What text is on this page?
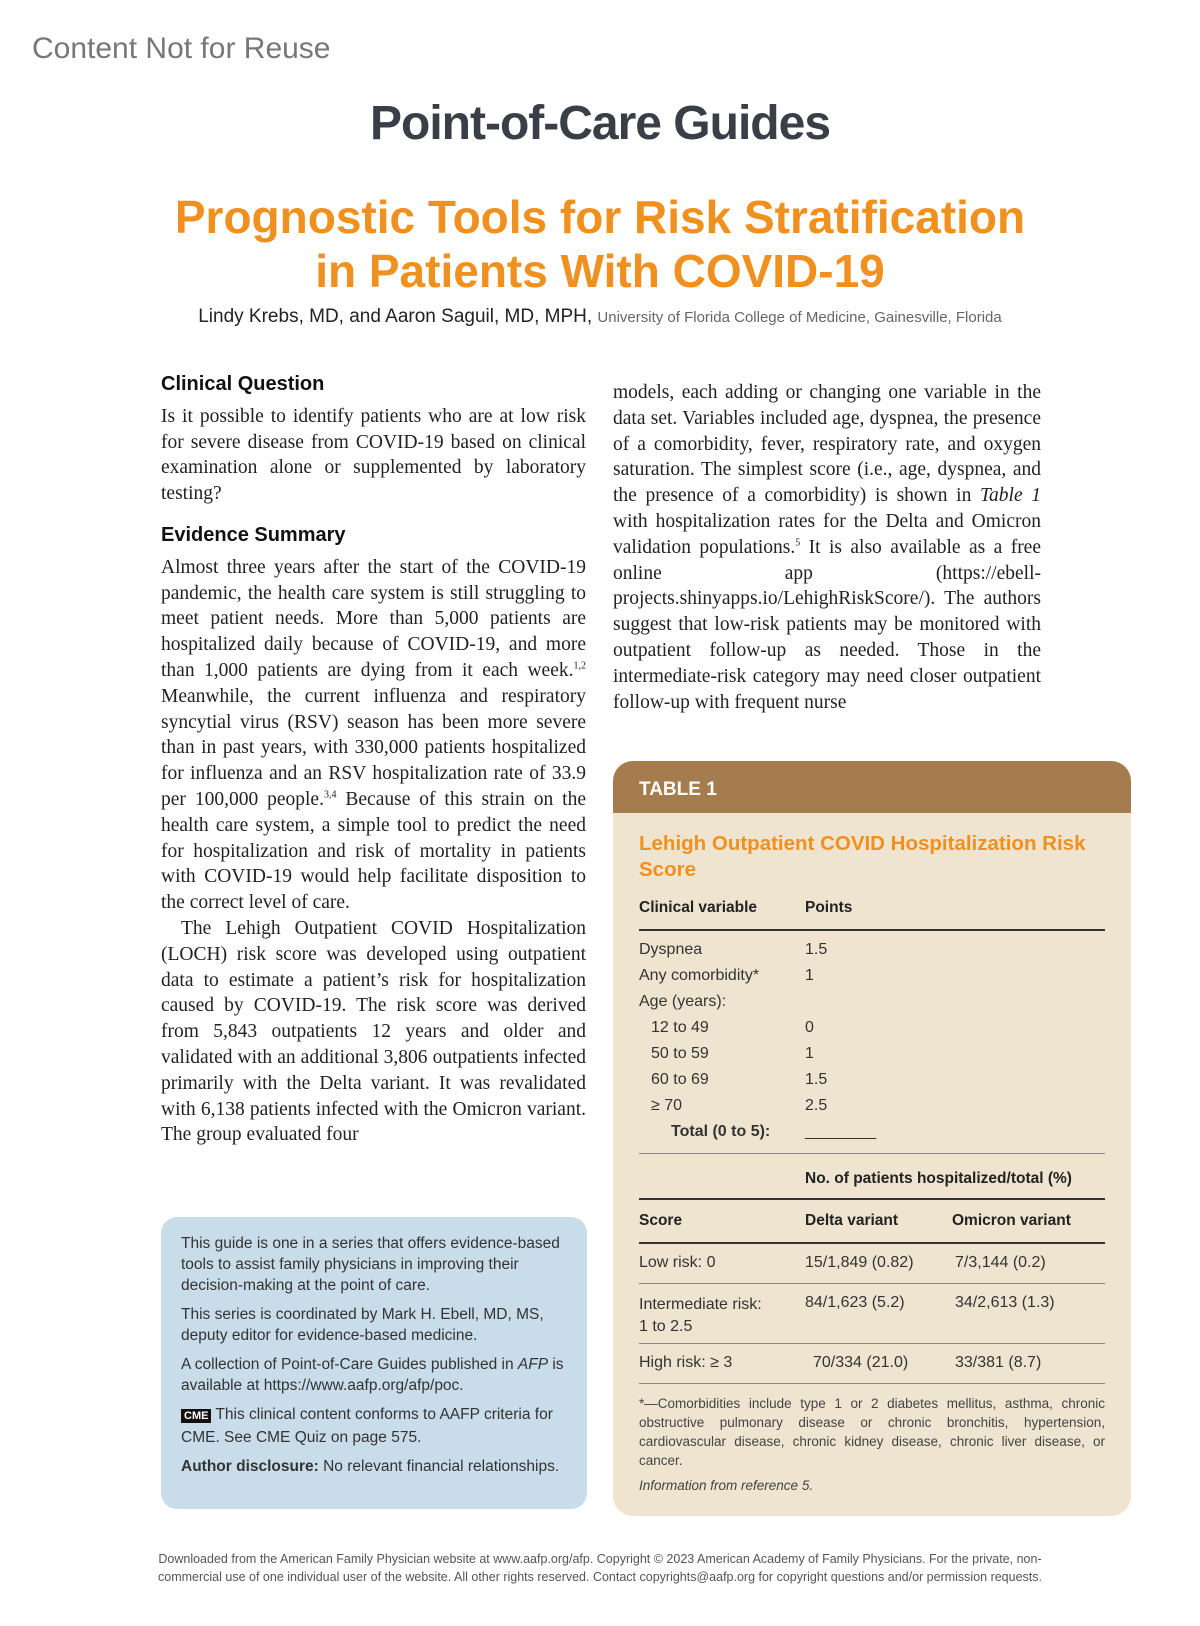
Content Not for Reuse
Point-of-Care Guides
Prognostic Tools for Risk Stratification
in Patients With COVID-19
Lindy Krebs, MD, and Aaron Saguil, MD, MPH, University of Florida College of Medicine, Gainesville, Florida
Clinical Question

Is it possible to identify patients who are at low risk for severe disease from COVID-19 based on clinical examination alone or supplemented by laboratory testing?

Evidence Summary

Almost three years after the start of the COVID-19 pandemic, the health care system is still struggling to meet patient needs. More than 5,000 patients are hospitalized daily because of COVID-19, and more than 1,000 patients are dying from it each week.$^{1,2}$ Meanwhile, the current influenza and respiratory syncytial virus (RSV) season has been more severe than in past years, with 330,000 patients hospitalized for influenza and an RSV hospitalization rate of 33.9 per 100,000 people.$^{3,4}$ Because of this strain on the health care system, a simple tool to predict the need for hospitalization and risk of mortality in patients with COVID-19 would help facilitate disposition to the correct level of care.

The Lehigh Outpatient COVID Hospitalization (LOCH) risk score was developed using outpatient data to estimate a patient’s risk for hospitalization caused by COVID-19. The risk score was derived from 5,843 outpatients 12 years and older and validated with an additional 3,806 outpatients infected primarily with the Delta variant. It was revalidated with 6,138 patients infected with the Omicron variant. The group evaluated four

models, each adding or changing one variable in the data set. Variables included age, dyspnea, the presence of a comorbidity, fever, respiratory rate, and oxygen saturation. The simplest score (i.e., age, dyspnea, and the presence of a comorbidity) is shown in Table 1 with hospitalization rates for the Delta and Omicron validation populations.$^5$ It is also available as a free online app (https://ebell-projects.shinyapps.io/LehighRiskScore/). The authors suggest that low-risk patients may be monitored with outpatient follow-up as needed. Those in the intermediate-risk category may need closer outpatient follow-up with frequent nurse

This guide is one in a series that offers evidence-based tools to assist family physicians in improving their decision-making at the point of care.

This series is coordinated by Mark H. Ebell, MD, MS, deputy editor for evidence-based medicine.

A collection of Point-of-Care Guides published in AFP is available at https://www.aafp.org/afp/poc.

CME This clinical content conforms to AAFP criteria for CME. See CME Quiz on page 575.

Author disclosure: No relevant financial relationships.

TABLE 1
Lehigh Outpatient COVID Hospitalization Risk Score
Clinical variable	Points
Dyspnea	1.5
Any comorbidity*	1
Age (years):
12 to 49	0
50 to 59	1
60 to 69	1.5
≥ 70	2.5
Total (0 to 5): ________
No. of patients hospitalized/total (%)
Score	Delta variant	Omicron variant
Low risk: 0	15/1,849 (0.82)	7/3,144 (0.2)
Intermediate risk:
1 to 2.5
84/1,623 (5.2)	34/2,613 (1.3)
High risk: ≥ 3	70/334 (21.0)	33/381 (8.7)
*—Comorbidities include type 1 or 2 diabetes mellitus, asthma, chronic obstructive pulmonary disease or chronic bronchitis, hypertension, cardiovascular disease, chronic kidney disease, chronic liver disease, or cancer.
Information from reference 5.
Downloaded from the American Family Physician website at www.aafp.org/afp. Copyright © 2023 American Academy of Family Physicians. For the private, non-
commercial use of one individual user of the website. All other rights reserved. Contact copyrights@aafp.org for copyright questions and/or permission requests.
